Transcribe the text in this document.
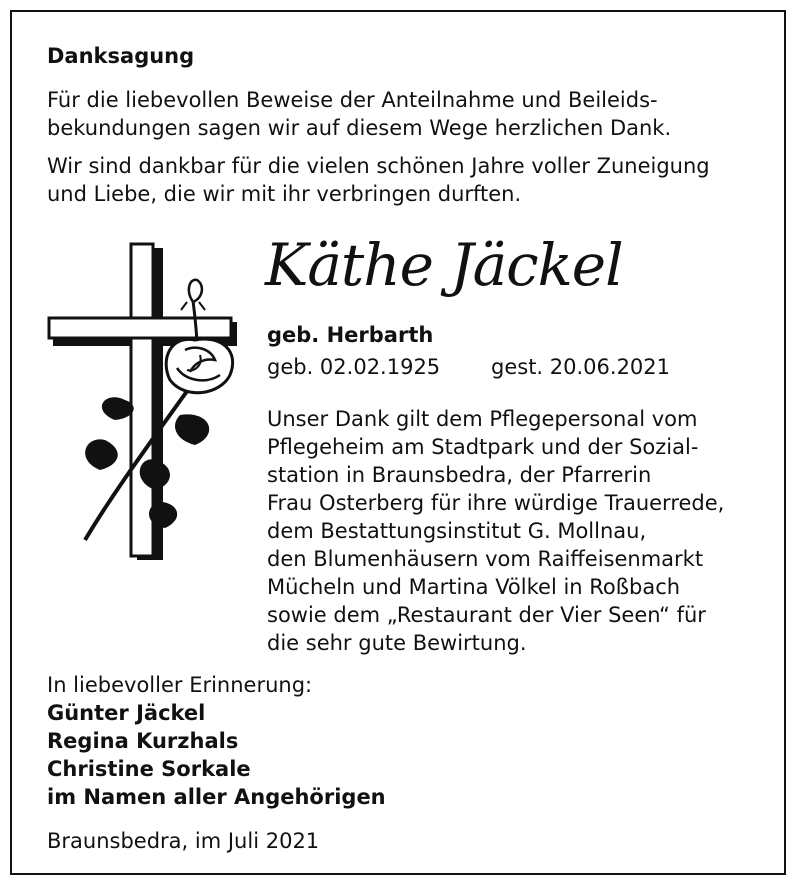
Danksagung
Für die liebevollen Beweise der Anteilnahme und Beileids-
bekundungen sagen wir auf diesem Wege herzlichen Dank.
Wir sind dankbar für die vielen schönen Jahre voller Zuneigung
und Liebe, die wir mit ihr verbringen durften.
Käthe Jäckel
geb. Herbarth
geb. 02.02.1925 gest. 20.06.2021
Unser Dank gilt dem Pflegepersonal vom
Pflegeheim am Stadtpark und der Sozial-
station in Braunsbedra, der Pfarrerin
Frau Osterberg für ihre würdige Trauerrede,
dem Bestattungsinstitut G. Mollnau,
den Blumenhäusern vom Raiffeisenmarkt
Mücheln und Martina Völkel in Roßbach
sowie dem „Restaurant der Vier Seen“ für
die sehr gute Bewirtung.
In liebevoller Erinnerung:
Günter Jäckel
Regina Kurzhals
Christine Sorkale
im Namen aller Angehörigen
Braunsbedra, im Juli 2021
